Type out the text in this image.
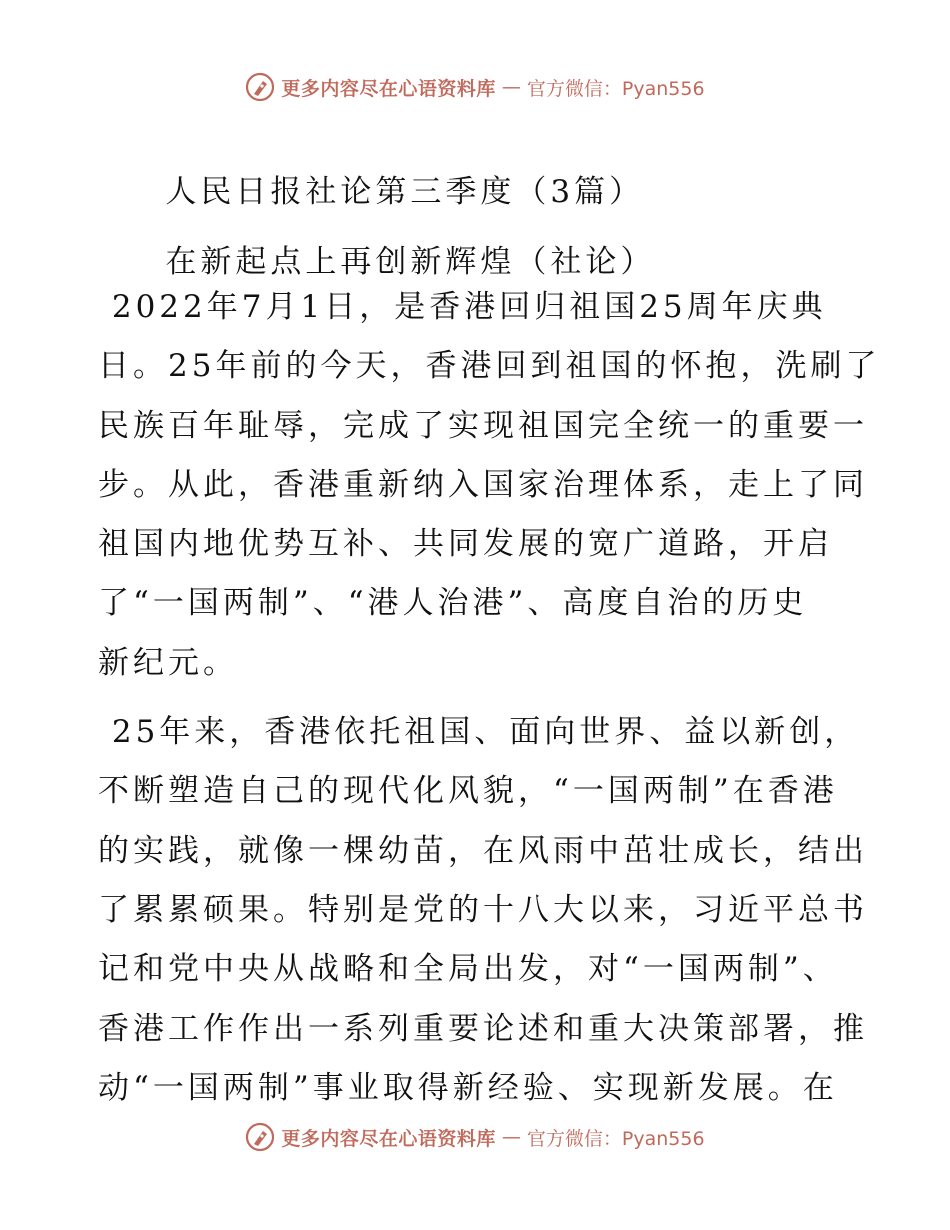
更多内容尽在心语资料库 — 官方微信：Pyan556

人民日报社论第三季度（3篇）

在新起点上再创新辉煌（社论）

2022年7月1日，是香港回归祖国25周年庆典
日。25年前的今天，香港回到祖国的怀抱，洗刷了
民族百年耻辱，完成了实现祖国完全统一的重要一
步。从此，香港重新纳入国家治理体系，走上了同
祖国内地优势互补、共同发展的宽广道路，开启
了“一国两制”、“港人治港”、高度自治的历史
新纪元。
25年来，香港依托祖国、面向世界、益以新创，
不断塑造自己的现代化风貌，“一国两制”在香港
的实践，就像一棵幼苗，在风雨中茁壮成长，结出
了累累硕果。特别是党的十八大以来，习近平总书
记和党中央从战略和全局出发，对“一国两制”、
香港工作作出一系列重要论述和重大决策部署，推
动“一国两制”事业取得新经验、实现新发展。在
更多内容尽在心语资料库 — 官方微信：Pyan556
